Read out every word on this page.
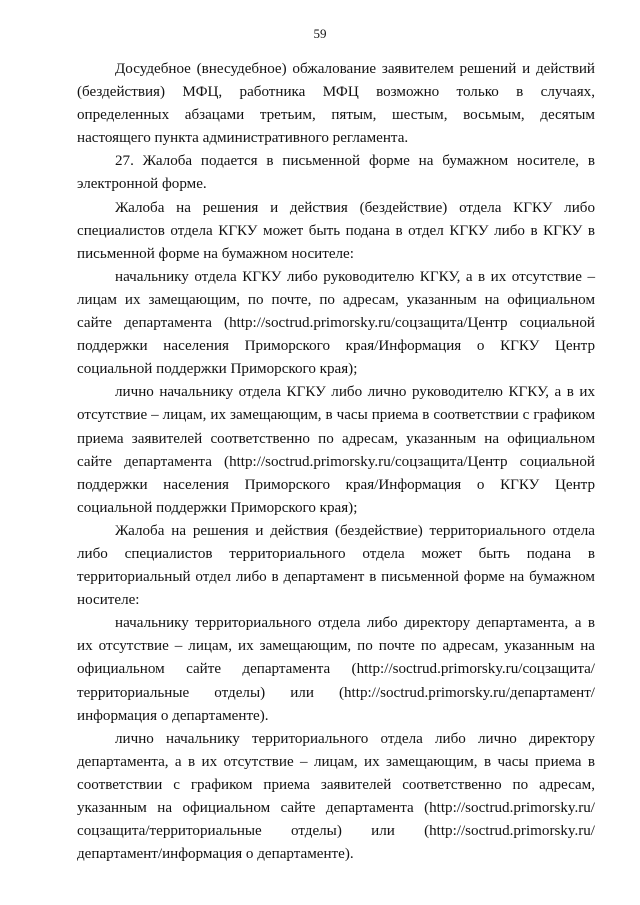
59

Досудебное (внесудебное) обжалование заявителем решений и действий (бездействия) МФЦ, работника МФЦ возможно только в случаях, определенных абзацами третьим, пятым, шестым, восьмым, десятым настоящего пункта административного регламента.

27. Жалоба подается в письменной форме на бумажном носителе, в электронной форме.

Жалоба на решения и действия (бездействие) отдела КГКУ либо специалистов отдела КГКУ может быть подана в отдел КГКУ либо в КГКУ в письменной форме на бумажном носителе:

начальнику отдела КГКУ либо руководителю КГКУ, а в их отсутствие – лицам их замещающим, по почте, по адресам, указанным на официальном сайте департамента (http://soctrud.primorsky.ru/соцзащита/Центр социальной поддержки населения Приморского края/Информация о КГКУ Центр социальной поддержки Приморского края);

лично начальнику отдела КГКУ либо лично руководителю КГКУ, а в их отсутствие – лицам, их замещающим, в часы приема в соответствии с графиком приема заявителей соответственно по адресам, указанным на официальном сайте департамента (http://soctrud.primorsky.ru/соцзащита/Центр социальной поддержки населения Приморского края/Информация о КГКУ Центр социальной поддержки Приморского края);

Жалоба на решения и действия (бездействие) территориального отдела либо специалистов территориального отдела может быть подана в территориальный отдел либо в департамент в письменной форме на бумажном носителе:

начальнику территориального отдела либо директору департамента, а в их отсутствие – лицам, их замещающим, по почте по адресам, указанным на официальном сайте департамента (http://soctrud.primorsky.ru/соцзащита/ территориальные отделы) или (http://soctrud.primorsky.ru/департамент/информация о департаменте).

лично начальнику территориального отдела либо лично директору департамента, а в их отсутствие – лицам, их замещающим, в часы приема в соответствии с графиком приема заявителей соответственно по адресам, указанным на официальном сайте департамента (http://soctrud.primorsky.ru/соцзащита/территориальные отделы) или (http://soctrud.primorsky.ru/департамент/информация о департаменте).
